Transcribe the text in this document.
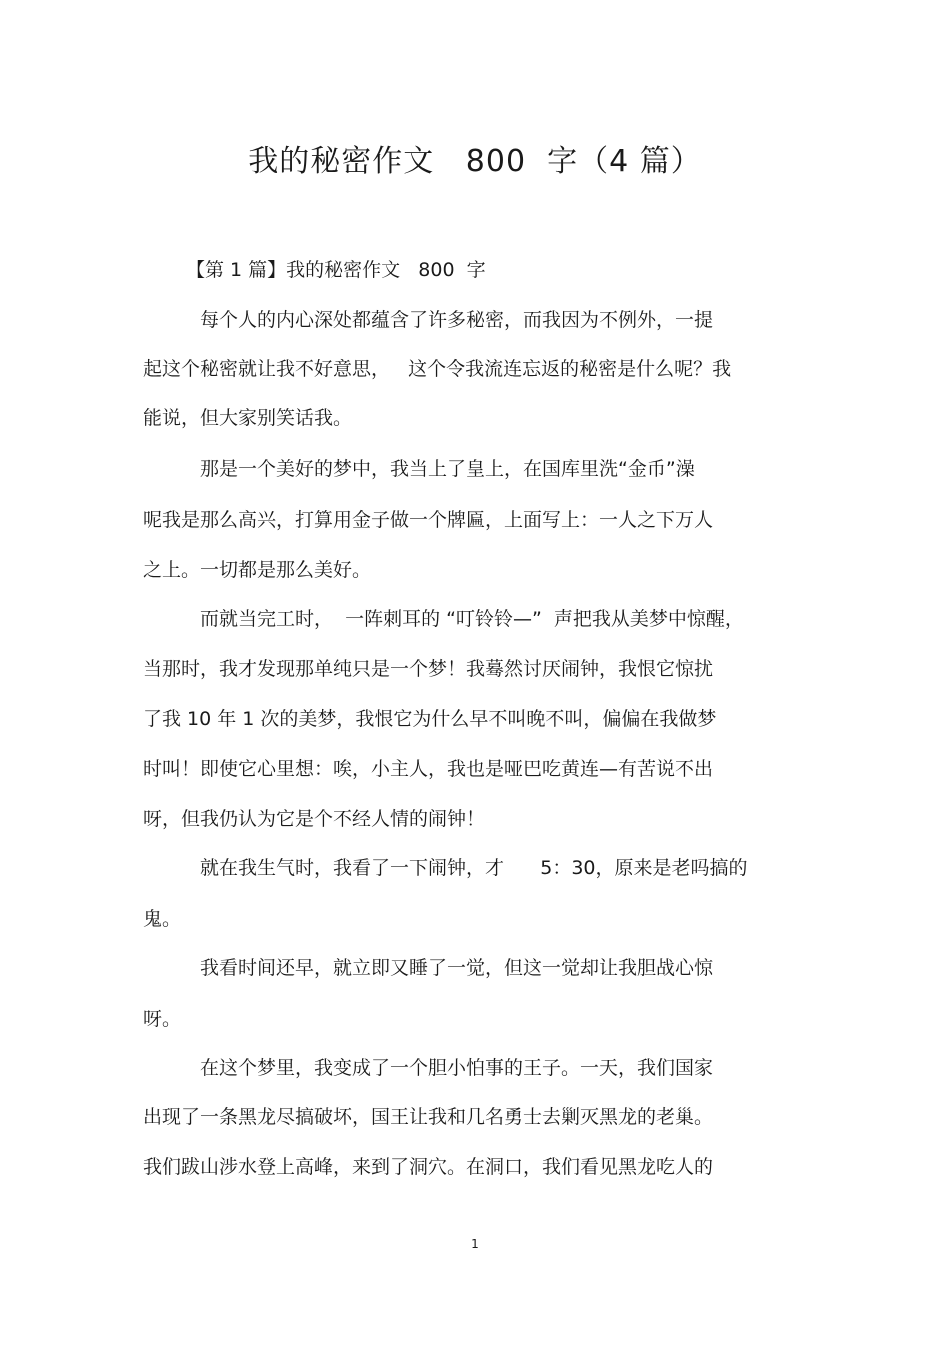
我的秘密作文   800  字（4 篇）

【第 1 篇】我的秘密作文   800  字

每个人的内心深处都蕴含了许多秘密，而我因为不例外，一提

起这个秘密就让我不好意思，   这个令我流连忘返的秘密是什么呢？我

能说，但大家别笑话我。

那是一个美好的梦中，我当上了皇上，在国库里洗“金币”澡

呢我是那么高兴，打算用金子做一个牌匾，上面写上：一人之下万人

之上。一切都是那么美好。

而就当完工时，  一阵刺耳的 “叮铃铃—”  声把我从美梦中惊醒，

当那时，我才发现那单纯只是一个梦！我蓦然讨厌闹钟，我恨它惊扰

了我 10 年 1 次的美梦，我恨它为什么早不叫晚不叫，偏偏在我做梦

时叫！即使它心里想：唉，小主人，我也是哑巴吃黄连—有苦说不出

呀，但我仍认为它是个不经人情的闹钟！

就在我生气时，我看了一下闹钟，才      5：30，原来是老吗搞的

鬼。

我看时间还早，就立即又睡了一觉，但这一觉却让我胆战心惊

呀。

在这个梦里，我变成了一个胆小怕事的王子。一天，我们国家

出现了一条黑龙尽搞破坏，国王让我和几名勇士去剿灭黑龙的老巢。

我们跋山涉水登上高峰，来到了洞穴。在洞口，我们看见黑龙吃人的

1
